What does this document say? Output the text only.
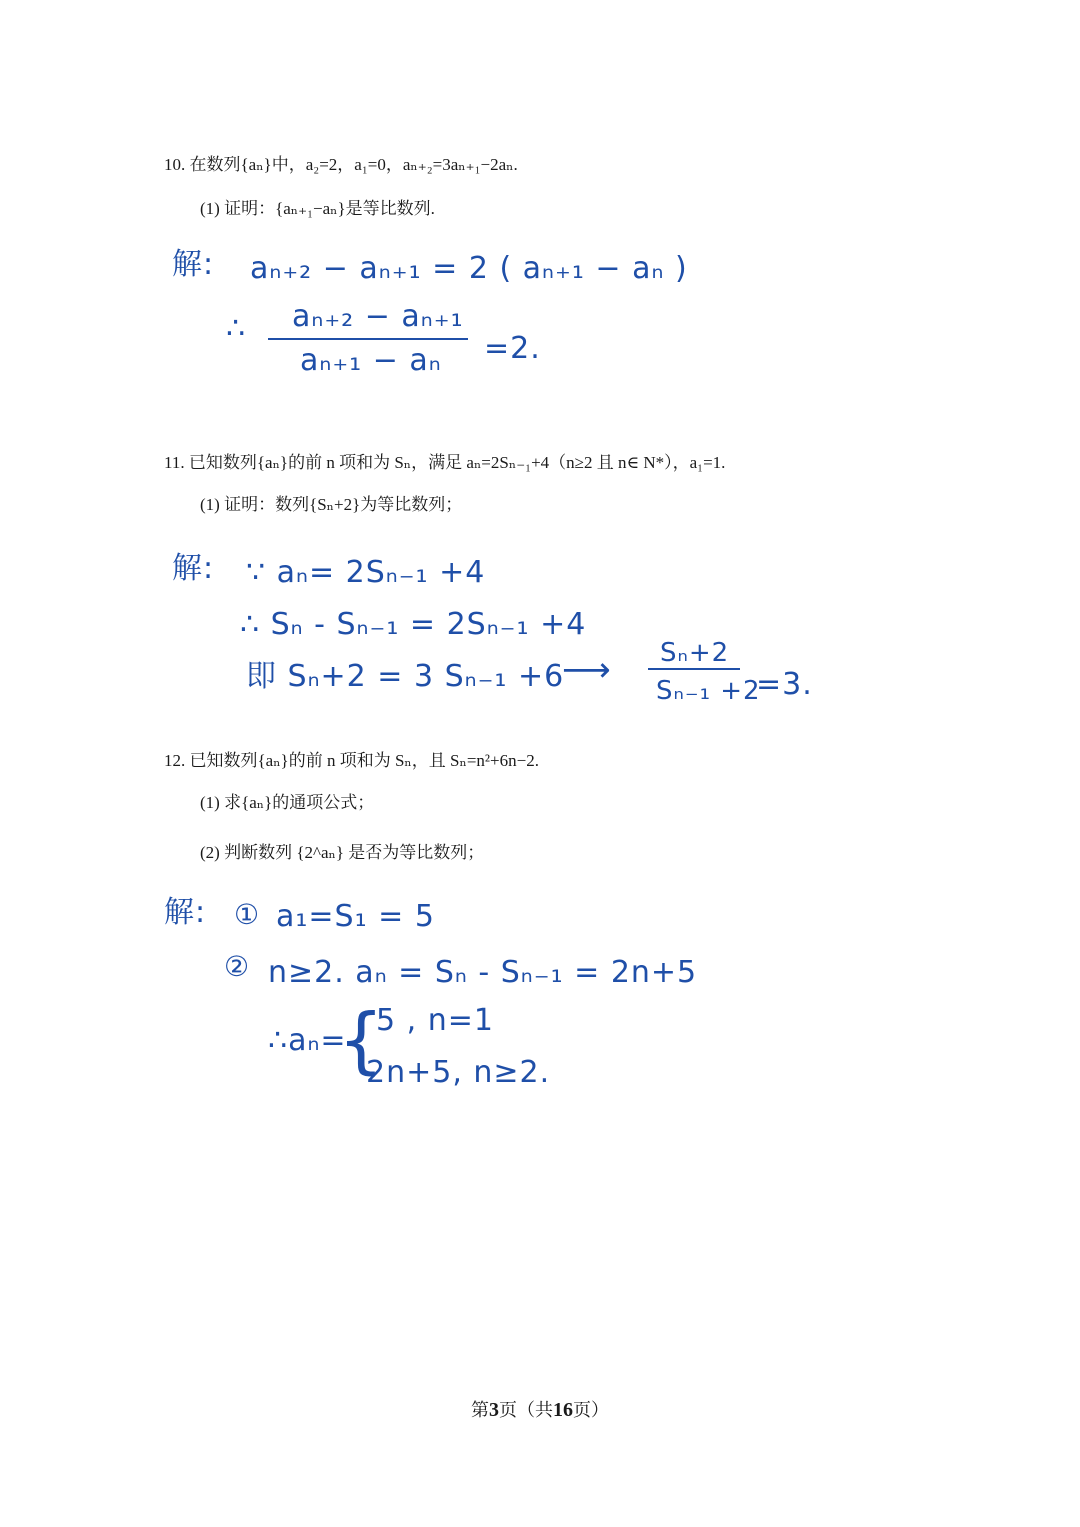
10. 在数列{aₙ}中，a₂=2，a₁=0，aₙ₊₂=3aₙ₊₁−2aₙ.
(1) 证明：{aₙ₊₁−aₙ}是等比数列.
解: aₙ₊₂ − aₙ₊₁ = 2 ( aₙ₊₁ − aₙ )
∴ aₙ₊₂ − aₙ₊₁
aₙ₊₁ − aₙ =2.
11. 已知数列{aₙ}的前 n 项和为 Sₙ，满足 aₙ=2Sₙ₋₁+4（n≥2 且 n∈ N*），a₁=1.
(1) 证明：数列{Sₙ+2}为等比数列；
解: ∵ aₙ= 2Sₙ₋₁ +4
∴ Sₙ - Sₙ₋₁ = 2Sₙ₋₁ +4
即 Sₙ+2 = 3 Sₙ₋₁ +6
⟶ Sₙ+2
Sₙ₋₁ +2
=3.
12. 已知数列{aₙ}的前 n 项和为 Sₙ，且 Sₙ=n²+6n−2.
(1) 求{aₙ}的通项公式；
(2) 判断数列 {2^aₙ} 是否为等比数列；
解: ① a₁=S₁ = 5
② n≥2. aₙ = Sₙ - Sₙ₋₁ = 2n+5
∴aₙ=
{
5 , n=1
2n+5, n≥2.
第3页（共16页）
